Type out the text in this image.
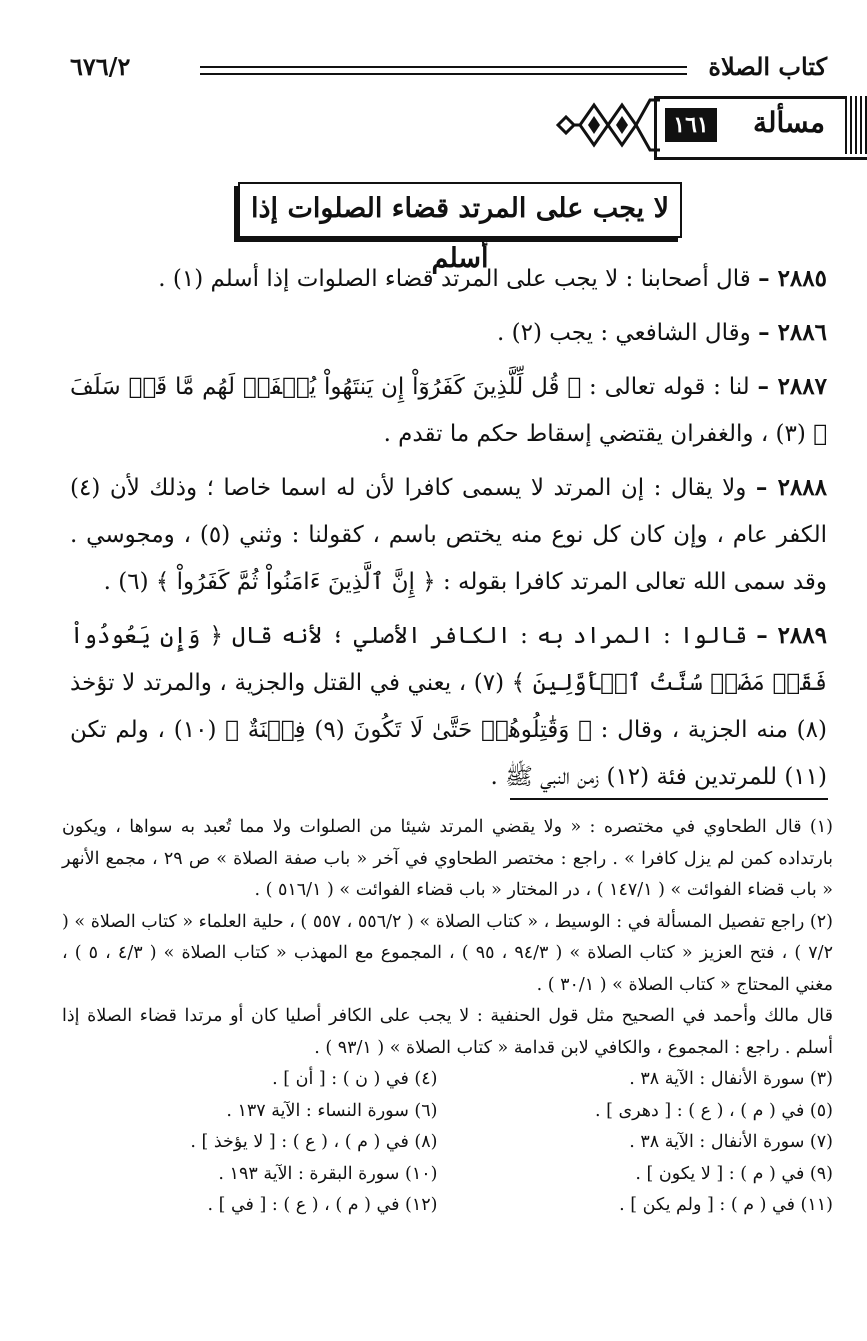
كتاب الصلاة
٦٧٦/٢
مسألة
١٦١
لا يجب على المرتد قضاء الصلوات إذا أسلم

٢٨٨٥ – قال أصحابنا : لا يجب على المرتد قضاء الصلوات إذا أسلم (١) .

٢٨٨٦ – وقال الشافعي : يجب (٢) .

٢٨٨٧ – لنا : قوله تعالى : ﴿ قُل لِّلَّذِينَ كَفَرُوٓاْ إِن يَنتَهُواْ يُغۡفَرۡ لَهُم مَّا قَدۡ سَلَفَ ﴾ (٣) ، والغفران يقتضي إسقاط حكم ما تقدم .

٢٨٨٨ – ولا يقال : إن المرتد لا يسمى كافرا لأن له اسما خاصا ؛ وذلك لأن (٤) الكفر عام ، وإن كان كل نوع منه يختص باسم ، كقولنا : وثني (٥) ، ومجوسي . وقد سمى الله تعالى المرتد كافرا بقوله : ﴿ إِنَّ ٱلَّذِينَ ءَامَنُواْ ثُمَّ كَفَرُواْ ﴾ (٦) .

٢٨٨٩ – قالوا : المراد به : الكافر الأصلي ؛ لأنه قال ﴿ وَإِن يَعُودُواْ فَقَدۡ مَضَتۡ سُنَّتُ ٱلۡأَوَّلِينَ ﴾ (٧) ، يعني في القتل والجزية ، والمرتد لا تؤخذ (٨) منه الجزية ، وقال : ﴿ وَقَٰتِلُوهُمۡ حَتَّىٰ لَا تَكُونَ (٩) فِتۡنَةٌ ﴾ (١٠) ، ولم تكن (١١) للمرتدين فئة (١٢) زمن النبي ﷺ .

(١) قال الطحاوي في مختصره : « ولا يقضي المرتد شيئا من الصلوات ولا مما تُعبد به سواها ، ويكون بارتداده كمن لم يزل كافرا » . راجع : مختصر الطحاوي في آخر « باب صفة الصلاة » ص ٢٩ ، مجمع الأنهر « باب قضاء الفوائت » ( ١٤٧/١ ) ، در المختار « باب قضاء الفوائت » ( ٥١٦/١ ) .

(٢) راجع تفصيل المسألة في : الوسيط ، « كتاب الصلاة » ( ٥٥٦/٢ ، ٥٥٧ ) ، حلية العلماء « كتاب الصلاة » ( ٧/٢ ) ، فتح العزيز « كتاب الصلاة » ( ٩٤/٣ ، ٩٥ ) ، المجموع مع المهذب « كتاب الصلاة » ( ٤/٣ ، ٥ ) ، مغني المحتاج « كتاب الصلاة » ( ٣٠/١ ) .

قال مالك وأحمد في الصحيح مثل قول الحنفية : لا يجب على الكافر أصليا كان أو مرتدا قضاء الصلاة إذا أسلم . راجع : المجموع ، والكافي لابن قدامة « كتاب الصلاة » ( ٩٣/١ ) .

(٣) سورة الأنفال : الآية ٣٨ .
(٤) في ( ن ) : [ أن ] .
(٥) في ( م ) ، ( ع ) : [ دهرى ] .
(٦) سورة النساء : الآية ١٣٧ .
(٧) سورة الأنفال : الآية ٣٨ .
(٨) في ( م ) ، ( ع ) : [ لا يؤخذ ] .
(٩) في ( م ) : [ لا يكون ] .
(١٠) سورة البقرة : الآية ١٩٣ .
(١١) في ( م ) : [ ولم يكن ] .
(١٢) في ( م ) ، ( ع ) : [ في ] .
